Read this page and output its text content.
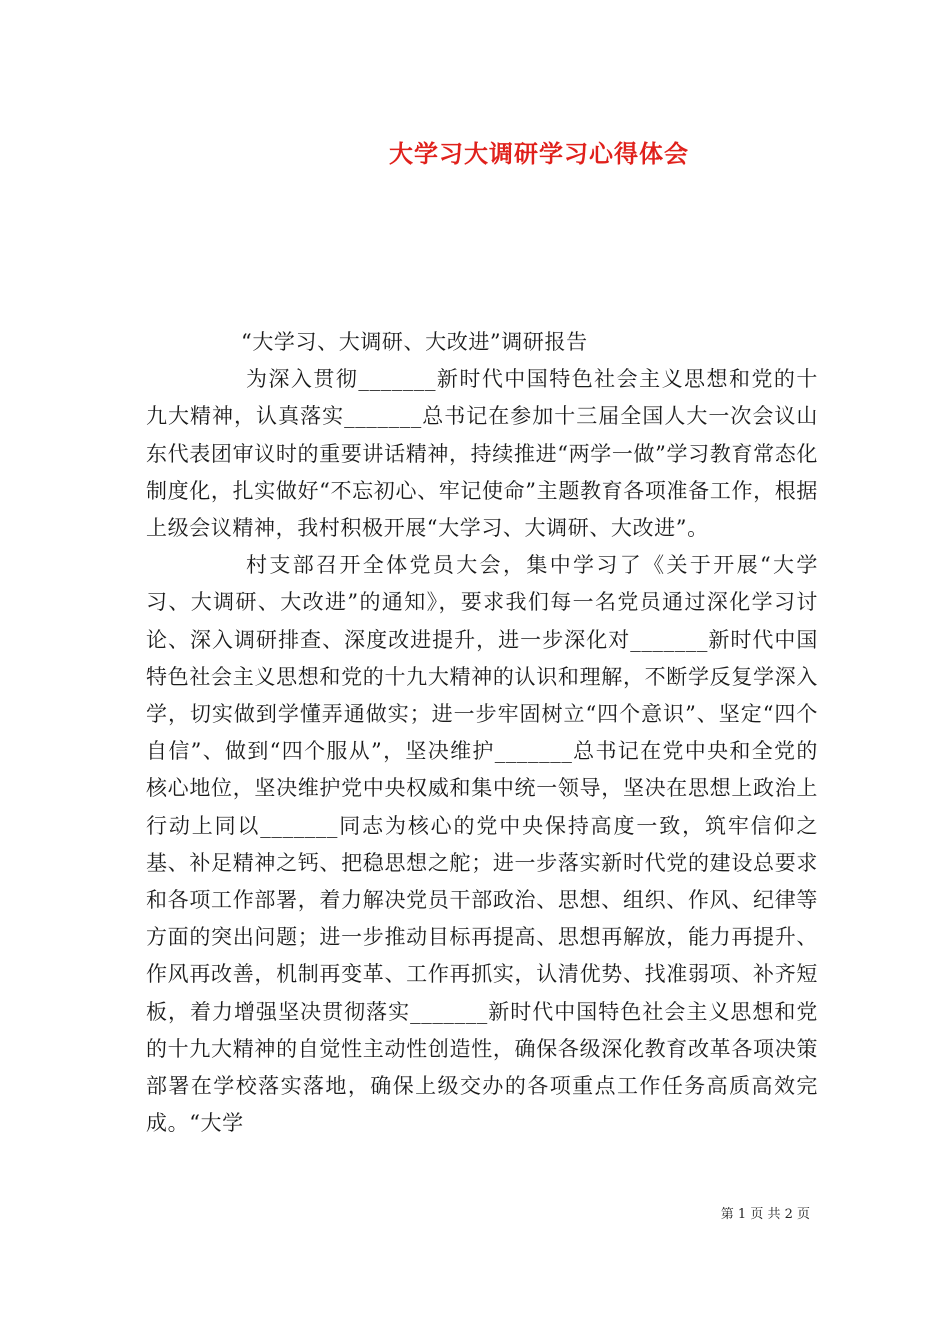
大学习大调研学习心得体会

“大学习、大调研、大改进”调研报告

为深入贯彻_______新时代中国特色社会主义思想和党的十九大精神，认真落实_______总书记在参加十三届全国人大一次会议山东代表团审议时的重要讲话精神，持续推进“两学一做”学习教育常态化制度化，扎实做好“不忘初心、牢记使命”主题教育各项准备工作，根据上级会议精神，我村积极开展“大学习、大调研、大改进”。

村支部召开全体党员大会，集中学习了《关于开展“大学习、大调研、大改进”的通知》，要求我们每一名党员通过深化学习讨论、深入调研排查、深度改进提升，进一步深化对_______新时代中国特色社会主义思想和党的十九大精神的认识和理解，不断学反复学深入学，切实做到学懂弄通做实；进一步牢固树立“四个意识”、坚定“四个自信”、做到“四个服从”，坚决维护_______总书记在党中央和全党的核心地位，坚决维护党中央权威和集中统一领导，坚决在思想上政治上行动上同以_______同志为核心的党中央保持高度一致，筑牢信仰之基、补足精神之钙、把稳思想之舵；进一步落实新时代党的建设总要求和各项工作部署，着力解决党员干部政治、思想、组织、作风、纪律等方面的突出问题；进一步推动目标再提高、思想再解放，能力再提升、作风再改善，机制再变革、工作再抓实，认清优势、找准弱项、补齐短板，着力增强坚决贯彻落实_______新时代中国特色社会主义思想和党的十九大精神的自觉性主动性创造性，确保各级深化教育改革各项决策部署在学校落实落地，确保上级交办的各项重点工作任务高质高效完成。“大学

第 1 页 共 2 页
